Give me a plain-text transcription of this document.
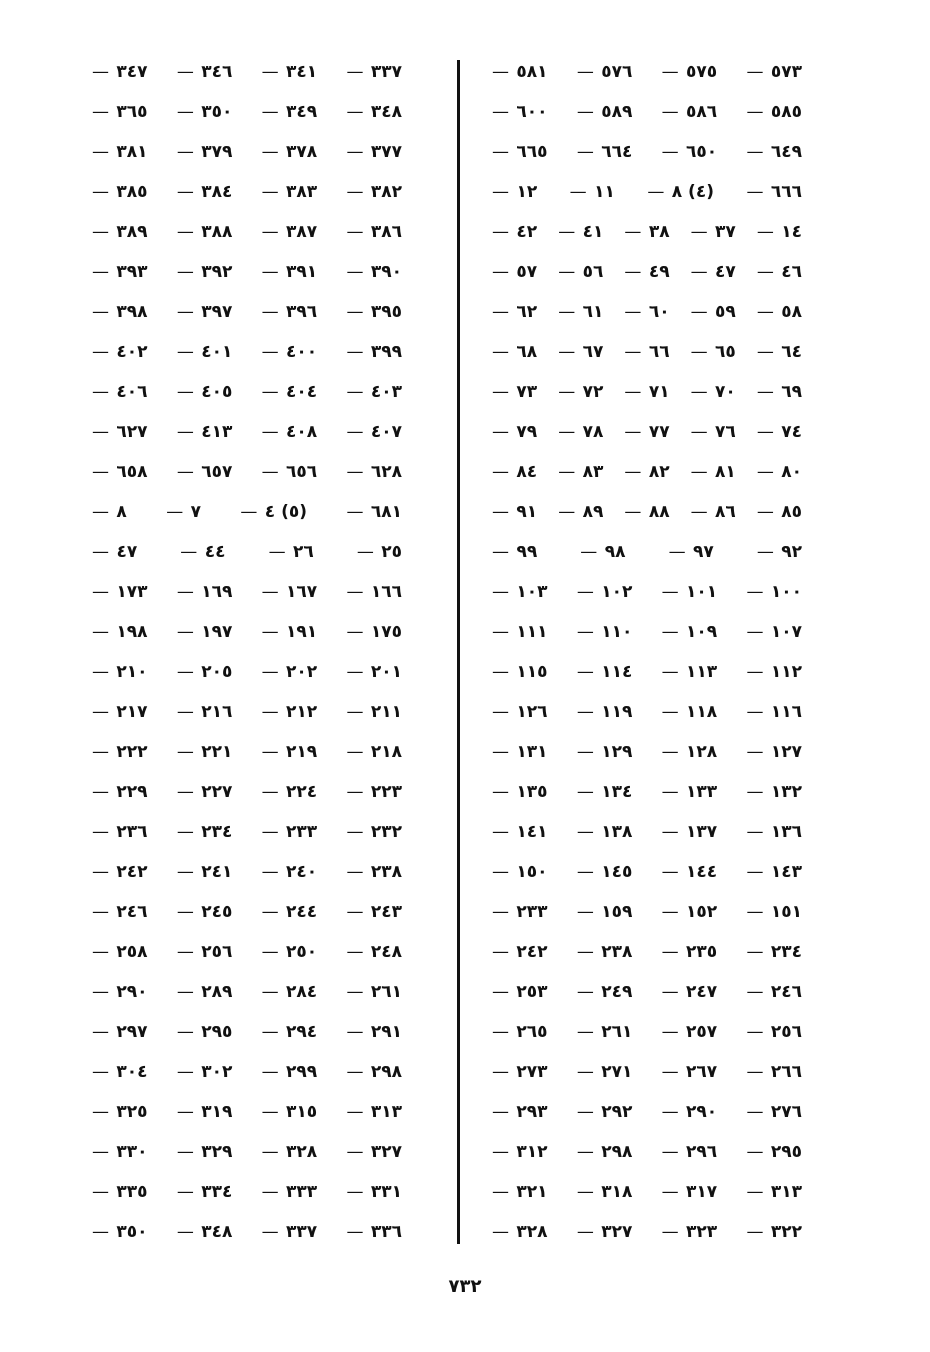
٥٧٣ —
٥٧٥ —
٥٧٦ —
٥٨١ —
٥٨٥ —
٥٨٦ —
٥٨٩ —
٦٠٠ —
٦٤٩ —
٦٥٠ —
٦٦٤ —
٦٦٥ —
٦٦٦ —
(٤) ٨ —
١١ —
١٢ —
١٤ —
٣٧ —
٣٨ —
٤١ —
٤٢ —
٤٦ —
٤٧ —
٤٩ —
٥٦ —
٥٧ —
٥٨ —
٥٩ —
٦٠ —
٦١ —
٦٢ —
٦٤ —
٦٥ —
٦٦ —
٦٧ —
٦٨ —
٦٩ —
٧٠ —
٧١ —
٧٢ —
٧٣ —
٧٤ —
٧٦ —
٧٧ —
٧٨ —
٧٩ —
٨٠ —
٨١ —
٨٢ —
٨٣ —
٨٤ —
٨٥ —
٨٦ —
٨٨ —
٨٩ —
٩١ —
٩٢ —
٩٧ —
٩٨ —
٩٩ —
١٠٠ —
١٠١ —
١٠٢ —
١٠٣ —
١٠٧ —
١٠٩ —
١١٠ —
١١١ —
١١٢ —
١١٣ —
١١٤ —
١١٥ —
١١٦ —
١١٨ —
١١٩ —
١٢٦ —
١٢٧ —
١٢٨ —
١٢٩ —
١٣١ —
١٣٢ —
١٣٣ —
١٣٤ —
١٣٥ —
١٣٦ —
١٣٧ —
١٣٨ —
١٤١ —
١٤٣ —
١٤٤ —
١٤٥ —
١٥٠ —
١٥١ —
١٥٢ —
١٥٩ —
٢٣٣ —
٢٣٤ —
٢٣٥ —
٢٣٨ —
٢٤٢ —
٢٤٦ —
٢٤٧ —
٢٤٩ —
٢٥٣ —
٢٥٦ —
٢٥٧ —
٢٦١ —
٢٦٥ —
٢٦٦ —
٢٦٧ —
٢٧١ —
٢٧٣ —
٢٧٦ —
٢٩٠ —
٢٩٢ —
٢٩٣ —
٢٩٥ —
٢٩٦ —
٢٩٨ —
٣١٢ —
٣١٣ —
٣١٧ —
٣١٨ —
٣٢١ —
٣٢٢ —
٣٢٣ —
٣٢٧ —
٣٢٨ —
٣٣٧ —
٣٤١ —
٣٤٦ —
٣٤٧ —
٣٤٨ —
٣٤٩ —
٣٥٠ —
٣٦٥ —
٣٧٧ —
٣٧٨ —
٣٧٩ —
٣٨١ —
٣٨٢ —
٣٨٣ —
٣٨٤ —
٣٨٥ —
٣٨٦ —
٣٨٧ —
٣٨٨ —
٣٨٩ —
٣٩٠ —
٣٩١ —
٣٩٢ —
٣٩٣ —
٣٩٥ —
٣٩٦ —
٣٩٧ —
٣٩٨ —
٣٩٩ —
٤٠٠ —
٤٠١ —
٤٠٢ —
٤٠٣ —
٤٠٤ —
٤٠٥ —
٤٠٦ —
٤٠٧ —
٤٠٨ —
٤١٣ —
٦٢٧ —
٦٢٨ —
٦٥٦ —
٦٥٧ —
٦٥٨ —
٦٨١ —
(٥) ٤ —
٧ —
٨ —
٢٥ —
٢٦ —
٤٤ —
٤٧ —
١٦٦ —
١٦٧ —
١٦٩ —
١٧٣ —
١٧٥ —
١٩١ —
١٩٧ —
١٩٨ —
٢٠١ —
٢٠٢ —
٢٠٥ —
٢١٠ —
٢١١ —
٢١٢ —
٢١٦ —
٢١٧ —
٢١٨ —
٢١٩ —
٢٢١ —
٢٢٢ —
٢٢٣ —
٢٢٤ —
٢٢٧ —
٢٢٩ —
٢٣٢ —
٢٣٣ —
٢٣٤ —
٢٣٦ —
٢٣٨ —
٢٤٠ —
٢٤١ —
٢٤٢ —
٢٤٣ —
٢٤٤ —
٢٤٥ —
٢٤٦ —
٢٤٨ —
٢٥٠ —
٢٥٦ —
٢٥٨ —
٢٦١ —
٢٨٤ —
٢٨٩ —
٢٩٠ —
٢٩١ —
٢٩٤ —
٢٩٥ —
٢٩٧ —
٢٩٨ —
٢٩٩ —
٣٠٢ —
٣٠٤ —
٣١٣ —
٣١٥ —
٣١٩ —
٣٢٥ —
٣٢٧ —
٣٢٨ —
٣٢٩ —
٣٣٠ —
٣٣١ —
٣٣٣ —
٣٣٤ —
٣٣٥ —
٣٣٦ —
٣٣٧ —
٣٤٨ —
٣٥٠ —
٧٣٢
